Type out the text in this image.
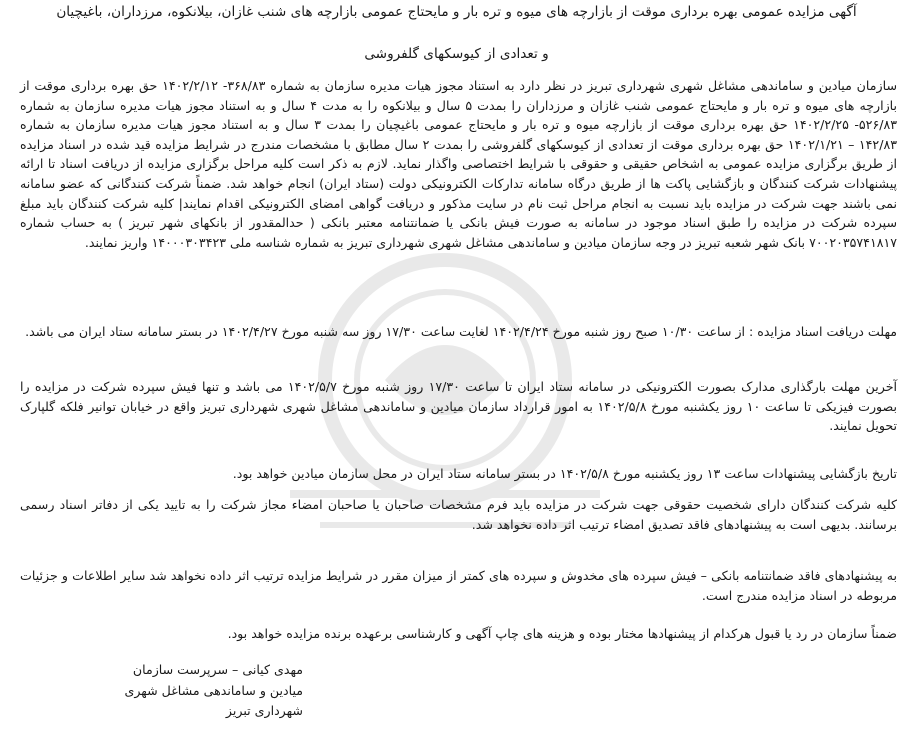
آگهی مزایده عمومی بهره برداری موقت از بازارچه های میوه و تره بار و مایحتاج عمومی بازارچه های شنب غازان، بیلانکوه، مرزداران، باغیچیان
و تعدادی از کیوسکهای گلفروشی
سازمان میادین و ساماندهی مشاغل شهری شهرداری تبریز در نظر دارد به استناد مجوز هیات مدیره سازمان به شماره ۳۶۸/۸۳- ۱۴۰۲/۲/۱۲ حق بهره برداری موقت از بازارچه های میوه و تره بار و مایحتاج عمومی شنب غازان و مرزداران را بمدت ۵ سال و بیلانکوه را به مدت ۴ سال و به استناد مجوز هیات مدیره سازمان به شماره ۵۲۶/۸۳- ۱۴۰۲/۲/۲۵ حق بهره برداری موقت از بازارچه میوه و تره بار و مایحتاج عمومی باغیچیان را بمدت ۳ سال و به استناد مجوز هیات مدیره سازمان به شماره ۱۴۲/۸۳ – ۱۴۰۲/۱/۲۱ حق بهره برداری موقت از تعدادی از کیوسکهای گلفروشی را بمدت ۲ سال مطابق با مشخصات مندرج در شرایط مزایده قید شده در اسناد مزایده از طریق برگزاری مزایده عمومی به اشخاص حقیقی و حقوقی با شرایط اختصاصی واگذار نماید. لازم به ذکر است کلیه مراحل برگزاری مزایده از دریافت اسناد تا ارائه پیشنهادات شرکت کنندگان و بازگشایی پاکت ها از طریق درگاه سامانه تدارکات الکترونیکی دولت (ستاد ایران) انجام خواهد شد. ضمناً شرکت کنندگانی که عضو سامانه نمی باشند جهت شرکت در مزایده باید نسبت به انجام مراحل ثبت نام در سایت مذکور و دریافت گواهی امضای الکترونیکی اقدام نمایند| کلیه شرکت کنندگان باید مبلغ سپرده شرکت در مزایده را طبق اسناد موجود در سامانه به صورت فیش بانکی یا ضمانتنامه معتبر بانکی ( حدالمقدور از بانکهای شهر تبریز ) به حساب شماره ۷۰۰۲۰۳۵۷۴۱۸۱۷ بانک شهر شعبه تبریز در وجه سازمان میادین و ساماندهی مشاغل شهری شهرداری تبریز به شماره شناسه ملی ۱۴۰۰۰۳۰۳۴۲۳ واریز نمایند.
مهلت دریافت اسناد مزایده : از ساعت ۱۰/۳۰ صبح روز شنبه مورخ ۱۴۰۲/۴/۲۴ لغایت ساعت ۱۷/۳۰ روز سه شنبه مورخ ۱۴۰۲/۴/۲۷ در بستر سامانه ستاد ایران می باشد.
آخرین مهلت بارگذاری مدارک بصورت الکترونیکی در سامانه ستاد ایران تا ساعت ۱۷/۳۰ روز شنبه مورخ ۱۴۰۲/۵/۷ می باشد و تنها فیش سپرده شرکت در مزایده را بصورت فیزیکی تا ساعت ۱۰ روز یکشنبه مورخ ۱۴۰۲/۵/۸ به امور قرارداد سازمان میادین و ساماندهی مشاغل شهری شهرداری تبریز واقع در خیابان توانیر فلکه گلپارک تحویل نمایند.
تاریخ بازگشایی پیشنهادات ساعت ۱۳ روز یکشنبه مورخ ۱۴۰۲/۵/۸ در بستر سامانه ستاد ایران در محل سازمان میادین خواهد بود.
کلیه شرکت کنندگان دارای شخصیت حقوقی جهت شرکت در مزایده باید فرم مشخصات صاحبان یا صاحبان امضاء مجاز شرکت را به تایید یکی از دفاتر اسناد رسمی برسانند. بدیهی است به پیشنهادهای فاقد تصدیق امضاء ترتیب اثر داده نخواهد شد.
به پیشنهادهای فاقد ضمانتنامه بانکی – فیش سپرده های مخدوش و سپرده های کمتر از میزان مقرر در شرایط مزایده ترتیب اثر داده نخواهد شد سایر اطلاعات و جزئیات مربوطه در اسناد مزایده مندرج است.
ضمناً سازمان در رد یا قبول هرکدام از پیشنهادها مختار بوده و هزینه های چاپ آگهی و کارشناسی برعهده برنده مزایده خواهد بود.
مهدی کیانی – سرپرست سازمان
میادین و ساماندهی مشاغل شهری
شهرداری تبریز
